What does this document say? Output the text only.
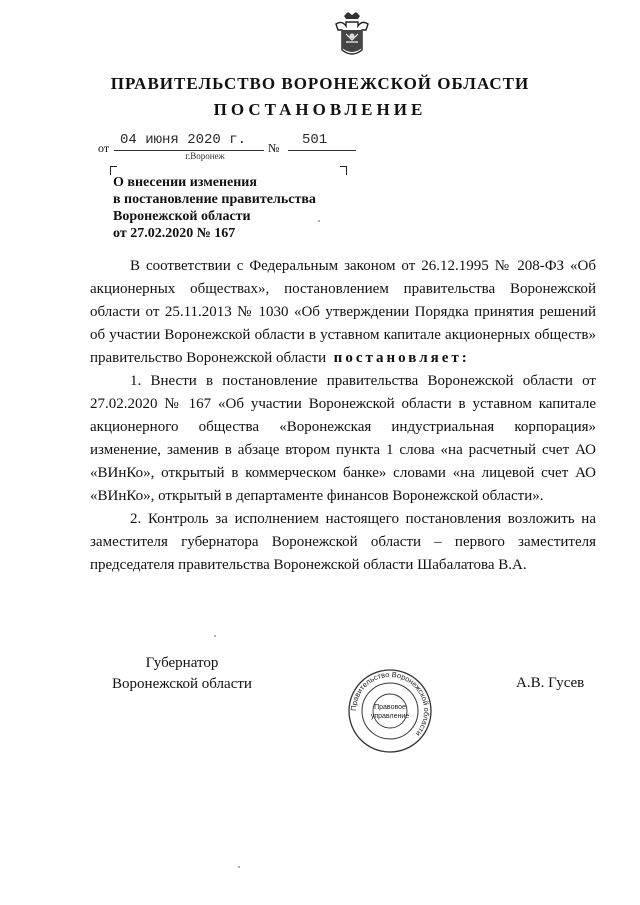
ПРАВИТЕЛЬСТВО ВОРОНЕЖСКОЙ ОБЛАСТИ
ПОСТАНОВЛЕНИЕ
от 04 июня 2020 г. № 501
г.Воронеж
О внесении изменения
в постановление правительства
Воронежской области
от 27.02.2020 № 167

В соответствии с Федеральным законом от 26.12.1995 № 208-ФЗ «Об акционерных обществах», постановлением правительства Воронежской области от 25.11.2013 № 1030 «Об утверждении Порядка принятия решений об участии Воронежской области в уставном капитале акционерных обществ» правительство Воронежской области постановляет:

1. Внести в постановление правительства Воронежской области от 27.02.2020 № 167 «Об участии Воронежской области в уставном капитале акционерного общества «Воронежская индустриальная корпорация» изменение, заменив в абзаце втором пункта 1 слова «на расчетный счет АО «ВИнКо», открытый в коммерческом банке» словами «на лицевой счет АО «ВИнКо», открытый в департаменте финансов Воронежской области».

2. Контроль за исполнением настоящего постановления возложить на заместителя губернатора Воронежской области – первого заместителя председателя правительства Воронежской области Шабалатова В.А.

Губернатор
Воронежской области	А.В. Гусев
Правительство Воронежской области
Правовое
управление
